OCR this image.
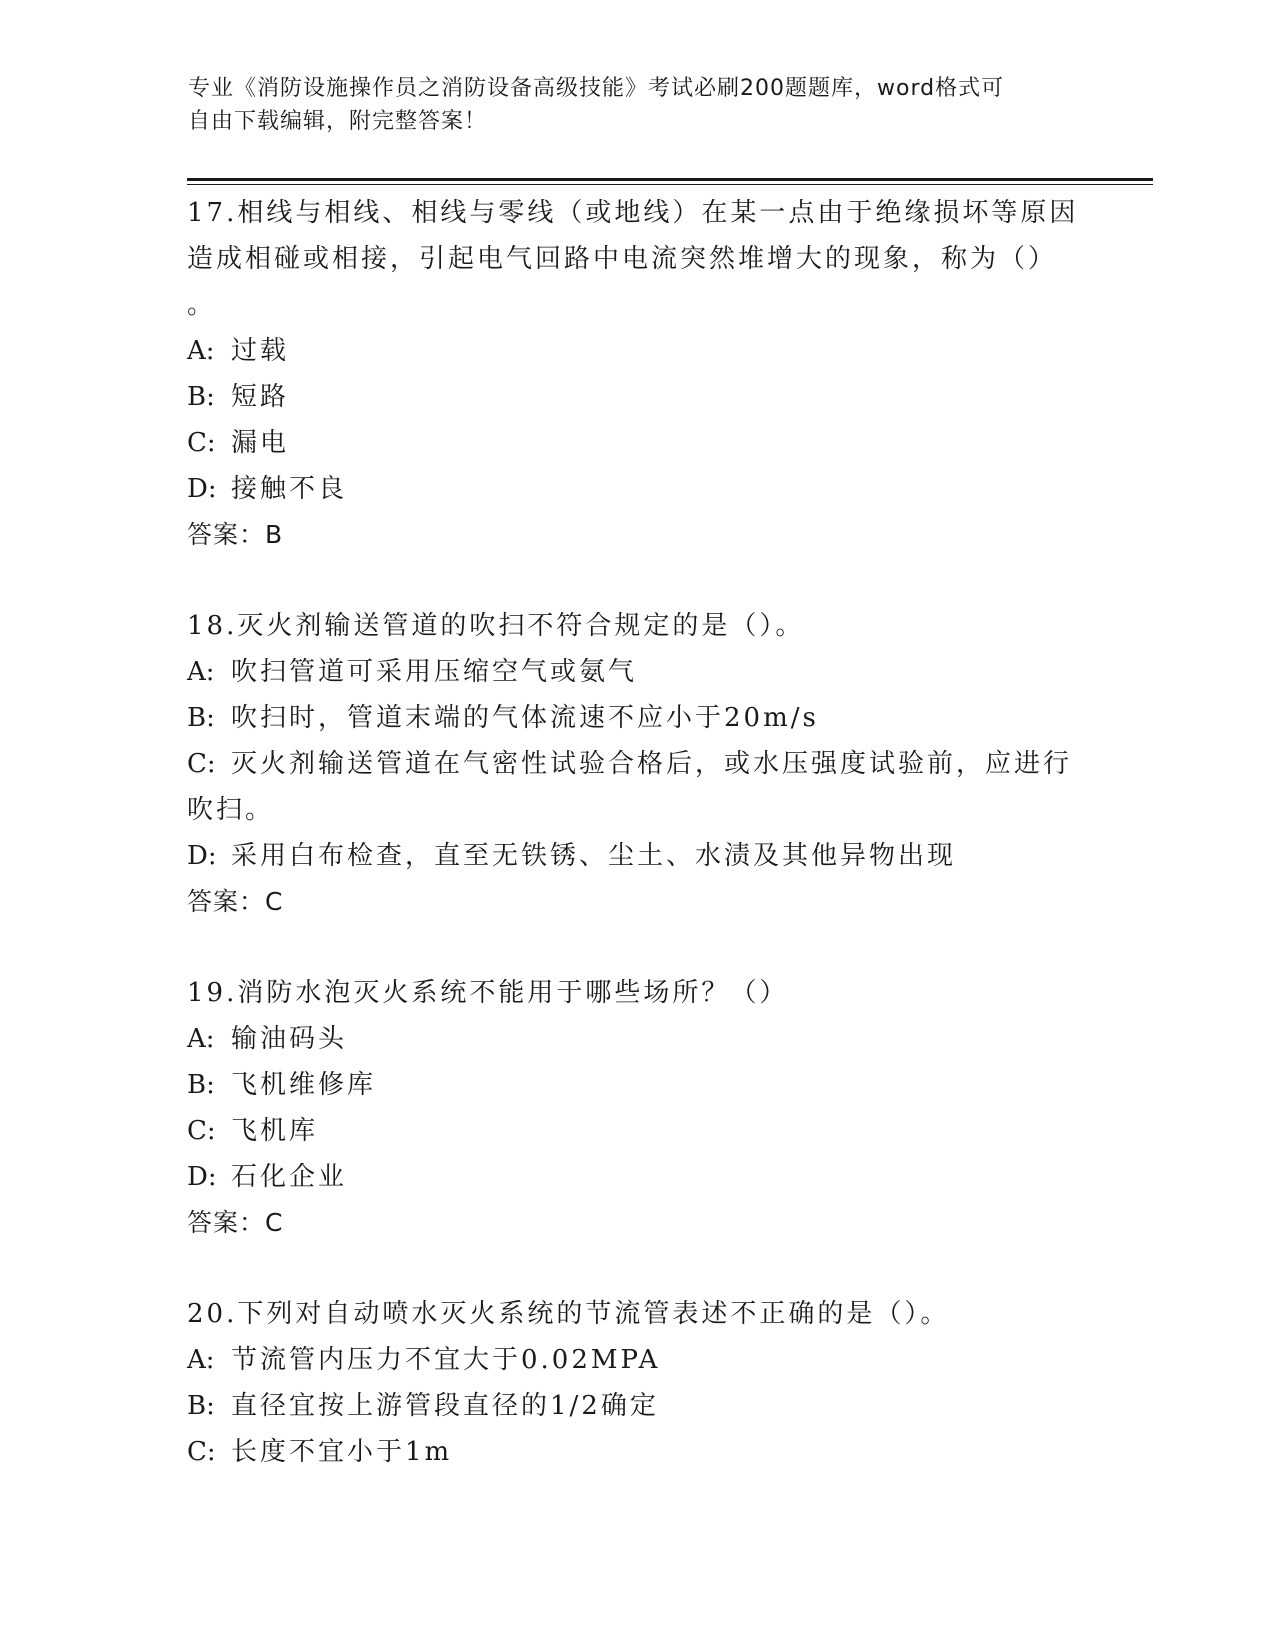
专业《消防设施操作员之消防设备高级技能》考试必刷200题题库，word格式可
自由下载编辑，附完整答案！
17.相线与相线、相线与零线（或地线）在某一点由于绝缘损坏等原因
造成相碰或相接，引起电气回路中电流突然堆增大的现象，称为（）
。
A: 过载
B: 短路
C: 漏电
D: 接触不良
答案：B
18.灭火剂输送管道的吹扫不符合规定的是（）。
A: 吹扫管道可采用压缩空气或氨气
B: 吹扫时，管道末端的气体流速不应小于20m/s
C: 灭火剂输送管道在气密性试验合格后，或水压强度试验前，应进行
吹扫。
D: 采用白布检查，直至无铁锈、尘土、水渍及其他异物出现
答案：C
19.消防水泡灭火系统不能用于哪些场所？（）
A: 输油码头
B: 飞机维修库
C: 飞机库
D: 石化企业
答案：C
20.下列对自动喷水灭火系统的节流管表述不正确的是（）。
A: 节流管内压力不宜大于0.02MPA
B: 直径宜按上游管段直径的1/2确定
C: 长度不宜小于1m
